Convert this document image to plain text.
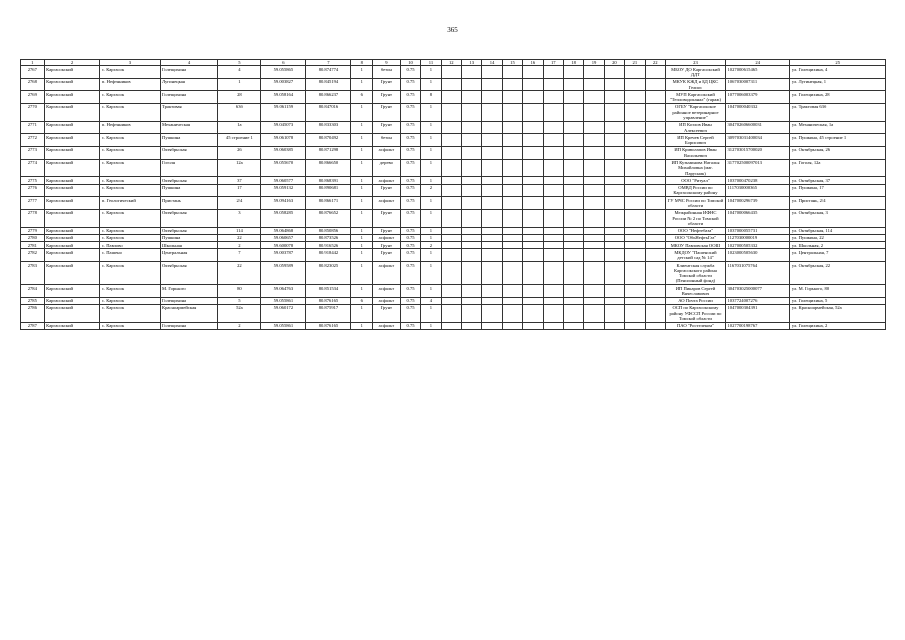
365
1	2	3	4	5	6	7	8	9	10	11	12	13	14	15	16	17	18	19	20	21	22	23	24	25
2767	Каргасокский	с. Каргасок	Голещихина	4	59.055865	80.874774	1	бетон	0.75	1												МБОУ ДО Каргасокский ДДТ	1027000615465	ул. Голещихина, 4
2768	Каргасокский	п. Нефтяников	Лугинецкая	1	59.003827	80.845194	1	Грунт	0.75	1												МКУК КЖД и БД ЦКС Гелиос	1067030007311	ул. Лугинецкая, 1
2769	Каргасокский	с. Каргасок	Голещихина	28	59.058164	80.866237	6	Грунт	0.75	8												МУП Каргасокский "Тепловодоканал" (гараж)	1077006003379	ул. Голещихина, 28
2770	Каргасокский	с. Каргасок	Трактовая	63б	59.061159	80.847016	1	Грунт	0.75	1												ОГБУ "Каргасокское районное ветеринарное управление"	1047000040332	ул. Трактовая 63б
2771	Каргасокский	п. Нефтяников	Механическая	1а	59.045073	80.833303	1	Грунт	0.75	1												ИП Козлов Иван Алексеевич	304702606600031	ул. Механическая, 1а
2772	Каргасокский	с. Каргасок	Пушкина	45 строение 1	59.061078	80.870492	1	бетон	0.75	1												ИП Кречев Сергей Борисович	309703031400034	ул. Пушкина, 45 строение 1
2773	Каргасокский	с. Каргасок	Октябрьская	26	59.060385	80.871298	1	асфальт	0.75	1												ИП Криволапов Иван Васильевич	312703015700020	ул. Октябрьская, 26
2774	Каргасокский	с. Каргасок	Гоголя	12а	59.055670	80.866650	1	дерево	0.75	1												ИП Кузьминова Наталья Михайловна (маг. Парусник)	317702500097013	ул. Гоголя, 12а
2775	Каргасокский	с. Каргасок	Октябрьская	37	59.060577	80.868391	1	асфальт	0.75	1												ООО "Ритуал"	1037000470238	ул. Октябрьская, 37
2776	Каргасокский	с. Каргасок	Пушкина	17	59.059132	80.890681	1	Грунт	0.75	2												ОМВД России по Каргасокскому району	1117030000365	ул. Пушкина, 17
2777	Каргасокский	п. Геологический	Пристань	2/4	59.094163	80.866171	1	асфальт	0.75	1												ГУ МЧС России по Томской области	1047000296739	ул. Пристань, 2/4
2778	Каргасокский	с. Каргасок	Октябрьская	3	59.058285	80.876652	1	Грунт	0.75	1												Межрайонная ИФНС России № 2 по Томской области	1047000066435	ул. Октябрьская, 3
2779	Каргасокский	с. Каргасок	Октябрьская	114	59.064868	80.850856	1	Грунт	0.75	1												ООО "Нефтебаза"	1037000055731	ул. Октябрьская, 114
2780	Каргасокский	с. Каргасок	Пушкина	22	59.060657	80.873526	1	асфальт	0.75	1												ООО "ОбьНефтьГаз"	1127030000019	ул. Пушкина, 22
2781	Каргасокский	с. Павлово	Школьная	2	59.600078	80.916526	1	Грунт	0.75	2												МКОУ Павловская ООШ	1027000505332	ул. Школьная, 2
2782	Каргасокский	с. Пашено	Центральная	7	59.003787	80.918442	1	Грунт	0.75	1												МКДОУ "Пашенский детский сад № 14"	1023000505630	ул. Центральная, 7
2783	Каргасокский	с. Каргасок	Октябрьская	22	59.059589	80.823025	1	асфальт	0.75	1												Клиентская служба Каргасокского района Томской области (Пенсионный фонд)	1167031075764	ул. Октябрьская, 22
2784	Каргасокский	с. Каргасок	М. Горького	80	59.064763	80.851534	1	асфальт	0.75	1												ИП Пикаров Сергей Вячеславович	304703025000077	ул. М. Горького, 80
2785	Каргасокский	с. Каргасок	Голещихина	5	59.055861	80.876165	6	асфальт	0.75	4												АО Почта России	1037724007276	ул. Голещихина, 5
2786	Каргасокский	с. Каргасок	Красноармейская	52а	59.060172	80.875917	1	Грунт	0.75	1												ОСП по Каргасокскому району УФССП России по Томской области	1047000304391	ул. Красноармейская, 52а
2787	Каргасокский	с. Каргасок	Голещихина	2	59.055861	80.876165	1	асфальт	0.75	1												ПАО "Ростелеком"	1027700198767	ул. Голещихина, 2
